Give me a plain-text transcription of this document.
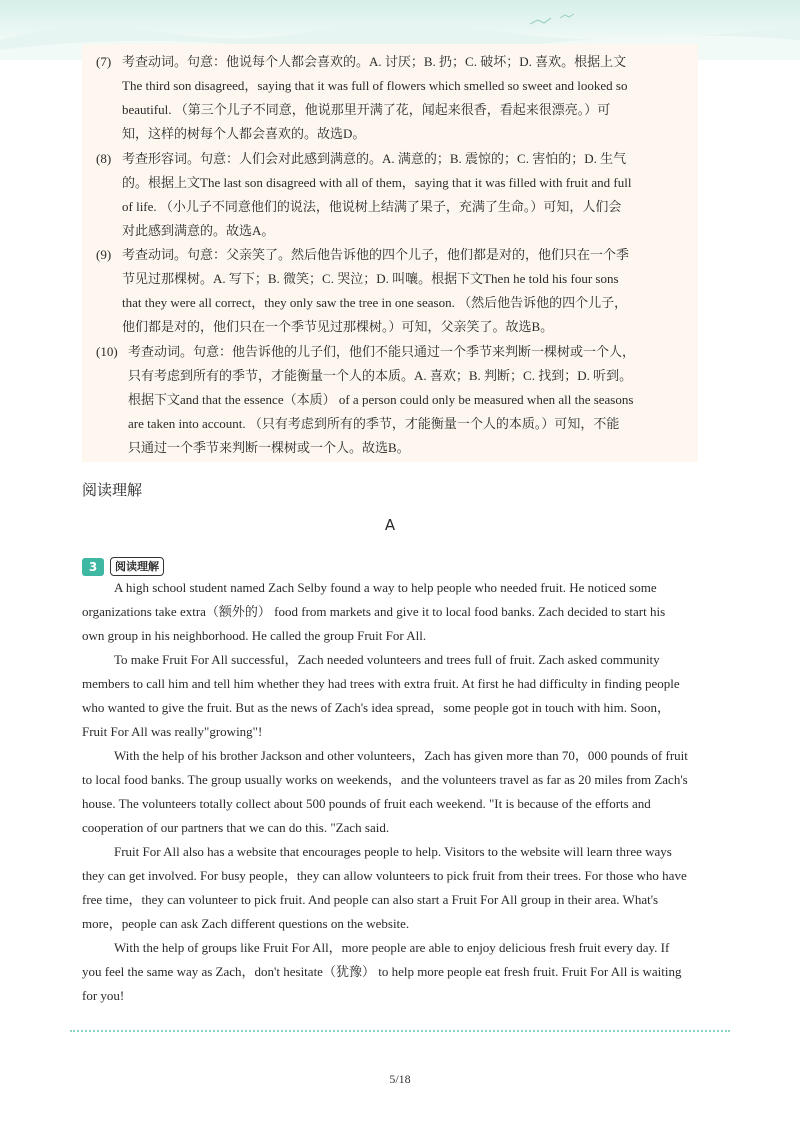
(7) 考查动词。句意：他说每个人都会喜欢的。A. 讨厌；B. 扔；C. 破坏；D. 喜欢。根据上文
The third son disagreed，saying that it was full of flowers which smelled so sweet and looked so
beautiful. （第三个儿子不同意，他说那里开满了花，闻起来很香，看起来很漂亮。）可
知，这样的树每个人都会喜欢的。故选D。
(8) 考查形容词。句意：人们会对此感到满意的。A. 满意的；B. 震惊的；C. 害怕的；D. 生气
的。根据上文The last son disagreed with all of them，saying that it was filled with fruit and full
of life. （小儿子不同意他们的说法，他说树上结满了果子，充满了生命。）可知，人们会
对此感到满意的。故选A。
(9) 考查动词。句意：父亲笑了。然后他告诉他的四个儿子，他们都是对的，他们只在一个季
节见过那棵树。A. 写下；B. 微笑；C. 哭泣；D. 叫嚷。根据下文Then he told his four sons
that they were all correct，they only saw the tree in one season. （然后他告诉他的四个儿子，
他们都是对的，他们只在一个季节见过那棵树。）可知，父亲笑了。故选B。
(10) 考查动词。句意：他告诉他的儿子们，他们不能只通过一个季节来判断一棵树或一个人，
只有考虑到所有的季节，才能衡量一个人的本质。A. 喜欢；B. 判断；C. 找到；D. 听到。
根据下文and that the essence（本质） of a person could only be measured when all the seasons
are taken into account. （只有考虑到所有的季节，才能衡量一个人的本质。）可知，不能
只通过一个季节来判断一棵树或一个人。故选B。
阅读理解
A
3	阅读理解

A high school student named Zach Selby found a way to help people who needed fruit. He noticed some organizations take extra（额外的） food from markets and give it to local food banks. Zach decided to start his own group in his neighborhood. He called the group Fruit For All.

To make Fruit For All successful，Zach needed volunteers and trees full of fruit. Zach asked community members to call him and tell him whether they had trees with extra fruit. At first he had difficulty in finding people who wanted to give the fruit. But as the news of Zach's idea spread，some people got in touch with him. Soon，Fruit For All was really"growing"!

With the help of his brother Jackson and other volunteers，Zach has given more than 70，000 pounds of fruit to local food banks. The group usually works on weekends，and the volunteers travel as far as 20 miles from Zach's house. The volunteers totally collect about 500 pounds of fruit each weekend. "It is because of the efforts and cooperation of our partners that we can do this. "Zach said.

Fruit For All also has a website that encourages people to help. Visitors to the website will learn three ways they can get involved. For busy people，they can allow volunteers to pick fruit from their trees. For those who have free time，they can volunteer to pick fruit. And people can also start a Fruit For All group in their area. What's more，people can ask Zach different questions on the website.

With the help of groups like Fruit For All，more people are able to enjoy delicious fresh fruit every day. If you feel the same way as Zach，don't hesitate（犹豫） to help more people eat fresh fruit. Fruit For All is waiting for you!

5/18
